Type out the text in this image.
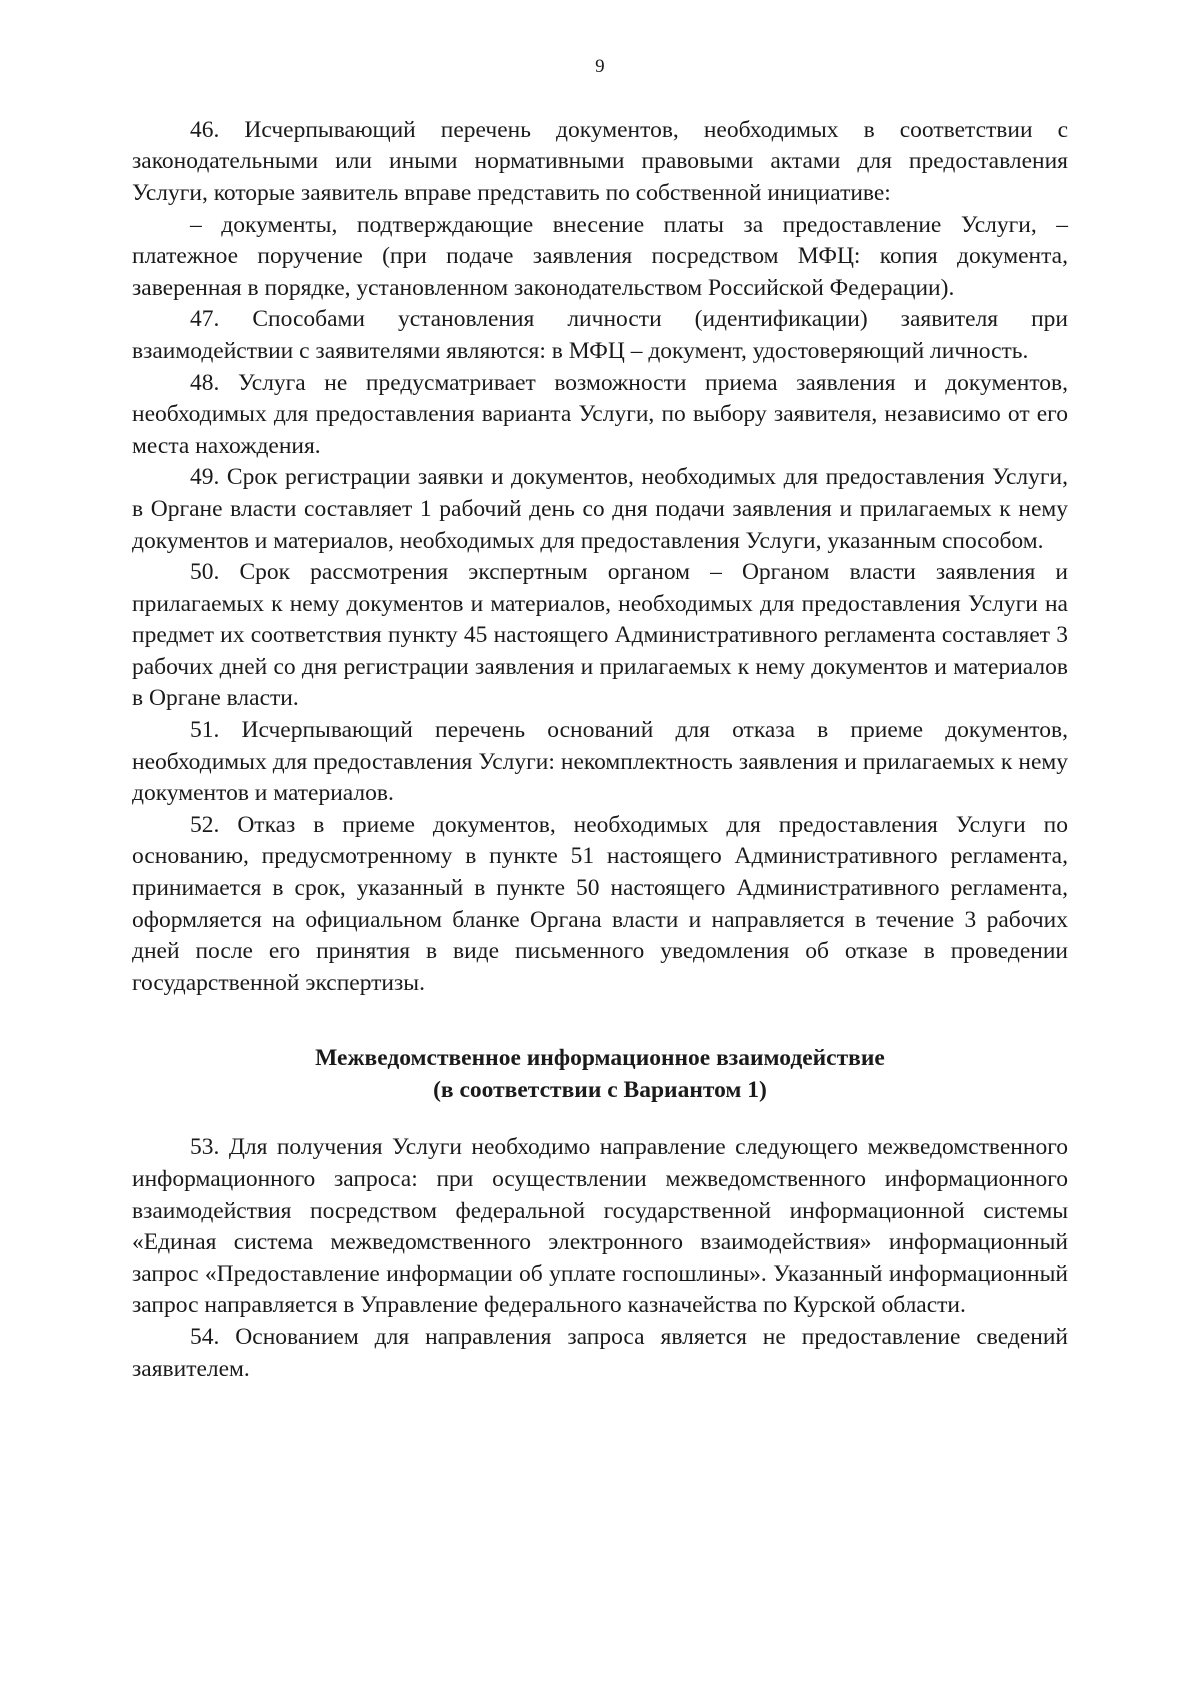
9

46. Исчерпывающий перечень документов, необходимых в соответствии с законодательными или иными нормативными правовыми актами для предоставления Услуги, которые заявитель вправе представить по собственной инициативе:

– документы, подтверждающие внесение платы за предоставление Услуги, – платежное поручение (при подаче заявления посредством МФЦ: копия документа, заверенная в порядке, установленном законодательством Российской Федерации).

47. Способами установления личности (идентификации) заявителя при взаимодействии с заявителями являются: в МФЦ – документ, удостоверяющий личность.

48. Услуга не предусматривает возможности приема заявления и документов, необходимых для предоставления варианта Услуги, по выбору заявителя, независимо от его места нахождения.

49. Срок регистрации заявки и документов, необходимых для предоставления Услуги, в Органе власти составляет 1 рабочий день со дня подачи заявления и прилагаемых к нему документов и материалов, необходимых для предоставления Услуги, указанным способом.

50. Срок рассмотрения экспертным органом – Органом власти заявления и прилагаемых к нему документов и материалов, необходимых для предоставления Услуги на предмет их соответствия пункту 45 настоящего Административного регламента составляет 3 рабочих дней со дня регистрации заявления и прилагаемых к нему документов и материалов в Органе власти.

51. Исчерпывающий перечень оснований для отказа в приеме документов, необходимых для предоставления Услуги: некомплектность заявления и прилагаемых к нему документов и материалов.

52. Отказ в приеме документов, необходимых для предоставления Услуги по основанию, предусмотренному в пункте 51 настоящего Административного регламента, принимается в срок, указанный в пункте 50 настоящего Административного регламента, оформляется на официальном бланке Органа власти и направляется в течение 3 рабочих дней после его принятия в виде письменного уведомления об отказе в проведении государственной экспертизы.

Межведомственное информационное взаимодействие
(в соответствии с Вариантом 1)

53. Для получения Услуги необходимо направление следующего межведомственного информационного запроса: при осуществлении межведомственного информационного взаимодействия посредством федеральной государственной информационной системы «Единая система межведомственного электронного взаимодействия» информационный запрос «Предоставление информации об уплате госпошлины». Указанный информационный запрос направляется в Управление федерального казначейства по Курской области.

54. Основанием для направления запроса является не предоставление сведений заявителем.
